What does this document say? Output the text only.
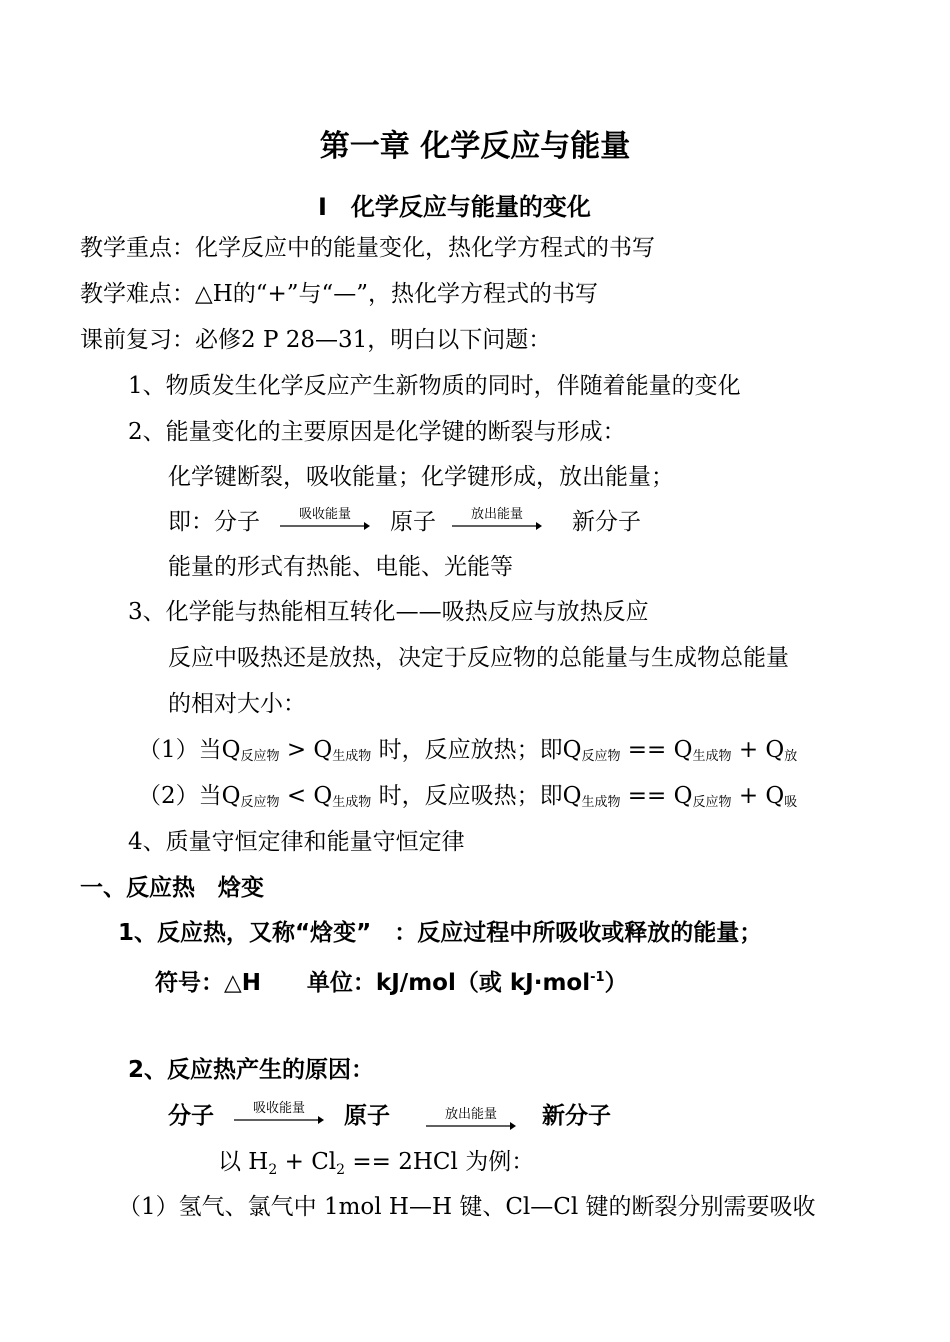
第一章 化学反应与能量
Ⅰ　化学反应与能量的变化
教学重点：化学反应中的能量变化，热化学方程式的书写
教学难点：△H的“+”与“—”，热化学方程式的书写
课前复习：必修2 P 28—31，明白以下问题：
1、物质发生化学反应产生新物质的同时，伴随着能量的变化
2、能量变化的主要原因是化学键的断裂与形成：
化学键断裂，吸收能量；化学键形成，放出能量；
即：分子	吸收能量	原子	放出能量	新分子
能量的形式有热能、电能、光能等
3、化学能与热能相互转化——吸热反应与放热反应
反应中吸热还是放热，决定于反应物的总能量与生成物总能量
的相对大小：
（1）当$Q_{反应物} > Q_{生成物}$ 时，反应放热；即$Q_{反应物} == Q_{生成物} + Q_放$
（2）当$Q_{反应物} < Q_{生成物}$ 时，反应吸热；即$Q_{生成物} == Q_{反应物} + Q_吸$
4、质量守恒定律和能量守恒定律
一、反应热　焓变
1、反应热，又称“焓变”　：反应过程中所吸收或释放的能量；
符号：△H　　单位：kJ/mol（或 kJ·mol$^{-1}$）
2、反应热产生的原因：
分子	吸收能量	原子	放出能量	新分子
以 $H_2 + Cl_2 == 2HCl$ 为例：
（1）氢气、氯气中 1mol H—H 键、Cl—Cl 键的断裂分别需要吸收
